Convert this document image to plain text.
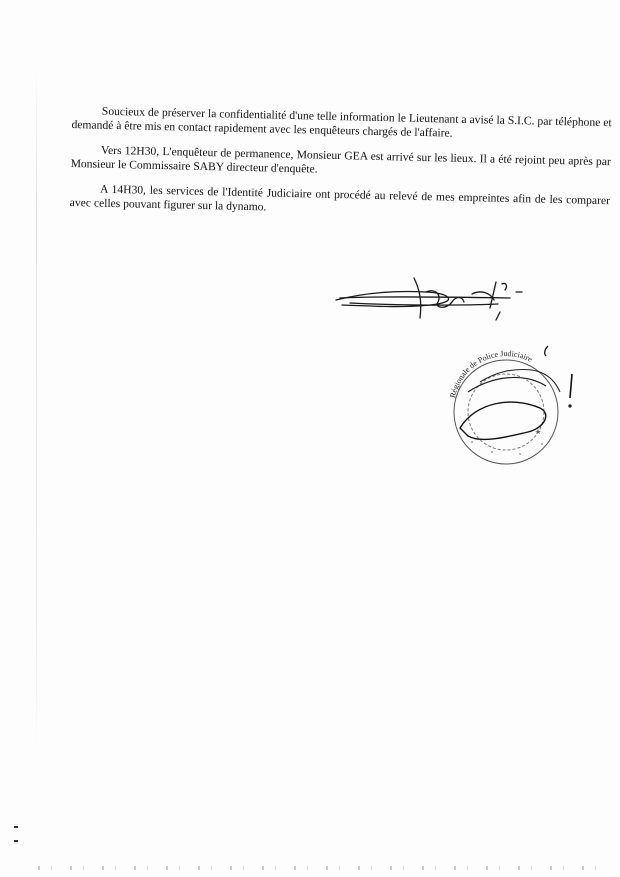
Soucieux de préserver la confidentialité d'une telle information le Lieutenant a avisé la S.I.C. par téléphone et demandé à être mis en contact rapidement avec les enquêteurs chargés de l'affaire.

Vers 12H30, L'enquêteur de permanence, Monsieur GEA est arrivé sur les lieux. Il a été rejoint peu après par Monsieur le Commissaire SABY directeur d'enquête.

A 14H30, les services de l'Identité Judiciaire ont procédé au relevé de mes empreintes afin de les comparer avec celles pouvant figurer sur la dynamo.

Régionale de Police Judiciaire
